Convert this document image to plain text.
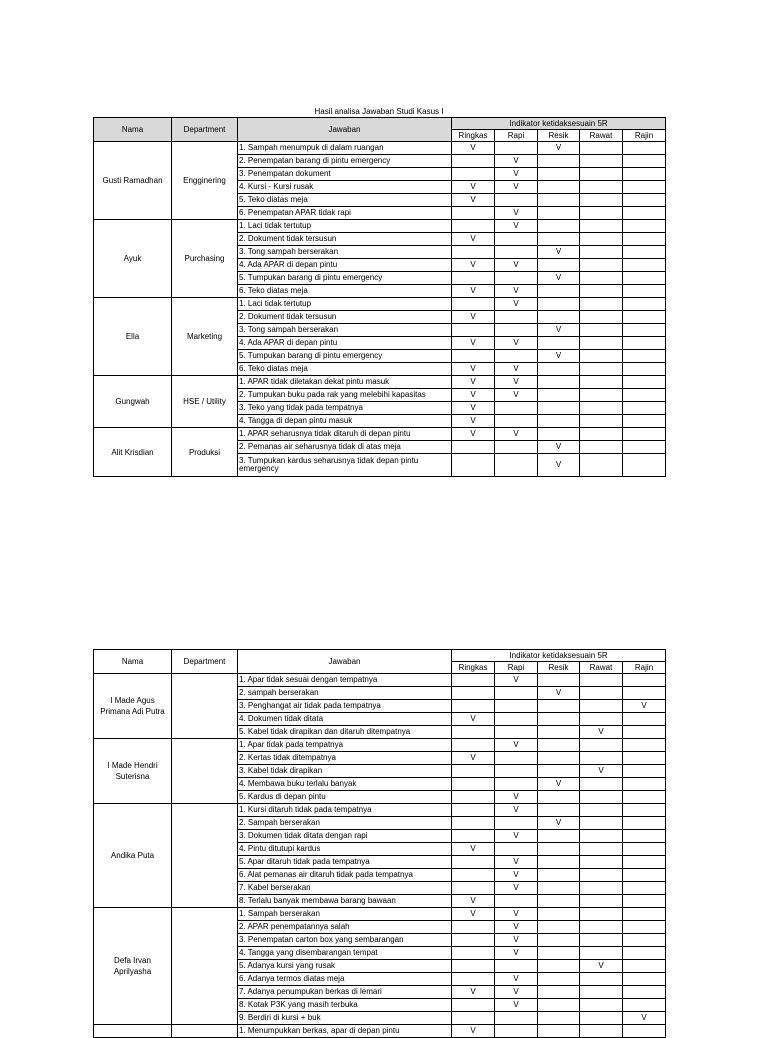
Hasil analisa Jawaban Studi Kasus I
Nama	Department	Jawaban	Indikator ketidaksesuain 5R				
			Ringkas	Rapi	Resik	Rawat	Rajin
Gusti Ramadhan	Engginering	1. Sampah menumpuk di dalam ruangan	V		V		
		2. Penempatan barang di pintu emergency		V			
		3. Penempatan dokument		V			
		4. Kursi - Kursi rusak	V	V			
		5. Teko diatas meja	V				
		6. Penempatan APAR tidak rapi		V			
Ayuk	Purchasing	1. Laci tidak tertutup		V			
		2. Dokument tidak tersusun	V				
		3. Tong sampah berserakan			V		
		4. Ada APAR di depan pintu	V	V			
		5. Tumpukan barang di pintu emergency			V		
		6. Teko diatas meja	V	V			
Ella	Marketing	1. Laci tidak tertutup		V			
		2. Dokument tidak tersusun	V				
		3. Tong sampah berserakan			V		
		4. Ada APAR di depan pintu	V	V			
		5. Tumpukan barang di pintu emergency			V		
		6. Teko diatas meja	V	V			
Gungwah	HSE / Utility	1. APAR tidak diletakan dekat pintu masuk	V	V			
		2. Tumpukan buku pada rak yang melebihi kapasitas	V	V			
		3. Teko yang tidak pada tempatnya	V				
		4. Tangga di depan pintu masuk	V				
Alit Krisdian	Produksi	1. APAR seharusnya tidak ditaruh di depan pintu	V	V			
		2. Pemanas air seharusnya tidak di atas meja			V		
		3. Tumpukan kardus seharusnya tidak depan pintu emergency			V		
Nama	Department	Jawaban	Indikator ketidaksesuain 5R				
			Ringkas	Rapi	Resik	Rawat	Rajin
I Made Agus Primana Adi Putra		1. Apar tidak sesuai dengan tempatnya		V			
		2. sampah berserakan			V		
		3. Penghangat air tidak pada tempatnya					V
		4. Dokumen tidak ditata	V				
		5. Kabel tidak dirapikan dan ditaruh ditempatnya				V	
I Made Hendri Suterisna		1. Apar tidak pada tempatnya		V			
		2. Kertas tidak ditempatnya	V				
		3. Kabel tidak dirapikan				V	
		4. Membawa buku terlalu banyak			V		
		5. Kardus di depan pintu		V			
Andika Puta		1. Kursi ditaruh tidak pada tempatnya		V			
		2. Sampah berserakan			V		
		3. Dokumen tidak ditata dengan rapi		V			
		4. Pintu ditutupi kardus	V				
		5. Apar ditaruh tidak pada tempatnya		V			
		6. Alat pemanas air ditaruh tidak pada tempatnya		V			
		7. Kabel berserakan		V			
		8. Terlalu banyak membawa barang bawaan	V				
Defa Irvan Aprilyasha		1. Sampah berserakan	V	V			
		2. APAR penempatannya salah		V			
		3. Penempatan carton box yang sembarangan		V			
		4. Tangga yang disembarangan tempat		V			
		5. Adanya kursi yang rusak				V	
		6. Adanya termos diatas meja		V			
		7. Adanya penumpukan berkas di lemari	V	V			
		8. Kotak P3K yang masih terbuka		V			
		9. Berdiri di kursi + buk					V
		1. Menumpukkan berkas, apar di depan pintu	V				
